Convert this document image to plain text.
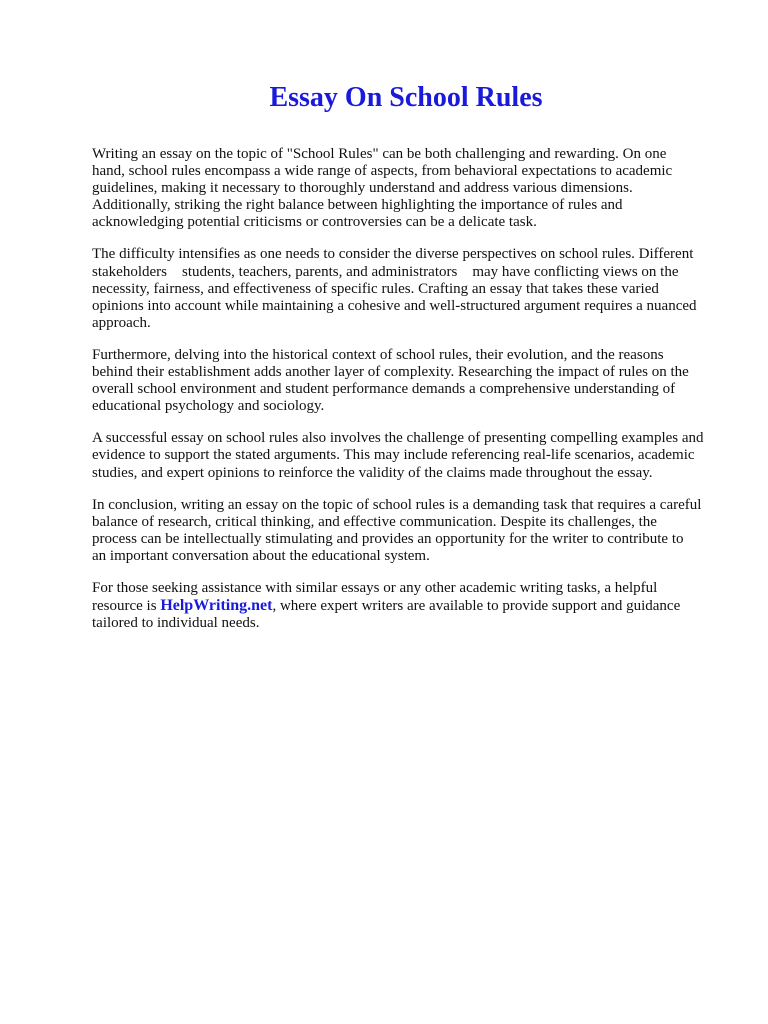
Essay On School Rules

Writing an essay on the topic of "School Rules" can be both challenging and rewarding. On one
hand, school rules encompass a wide range of aspects, from behavioral expectations to academic
guidelines, making it necessary to thoroughly understand and address various dimensions.
Additionally, striking the right balance between highlighting the importance of rules and
acknowledging potential criticisms or controversies can be a delicate task.

The difficulty intensifies as one needs to consider the diverse perspectives on school rules. Different
stakeholders    students, teachers, parents, and administrators    may have conflicting views on the
necessity, fairness, and effectiveness of specific rules. Crafting an essay that takes these varied
opinions into account while maintaining a cohesive and well-structured argument requires a nuanced
approach.

Furthermore, delving into the historical context of school rules, their evolution, and the reasons
behind their establishment adds another layer of complexity. Researching the impact of rules on the
overall school environment and student performance demands a comprehensive understanding of
educational psychology and sociology.

A successful essay on school rules also involves the challenge of presenting compelling examples and
evidence to support the stated arguments. This may include referencing real-life scenarios, academic
studies, and expert opinions to reinforce the validity of the claims made throughout the essay.

In conclusion, writing an essay on the topic of school rules is a demanding task that requires a careful
balance of research, critical thinking, and effective communication. Despite its challenges, the
process can be intellectually stimulating and provides an opportunity for the writer to contribute to
an important conversation about the educational system.

For those seeking assistance with similar essays or any other academic writing tasks, a helpful
resource is HelpWriting.net, where expert writers are available to provide support and guidance
tailored to individual needs.
